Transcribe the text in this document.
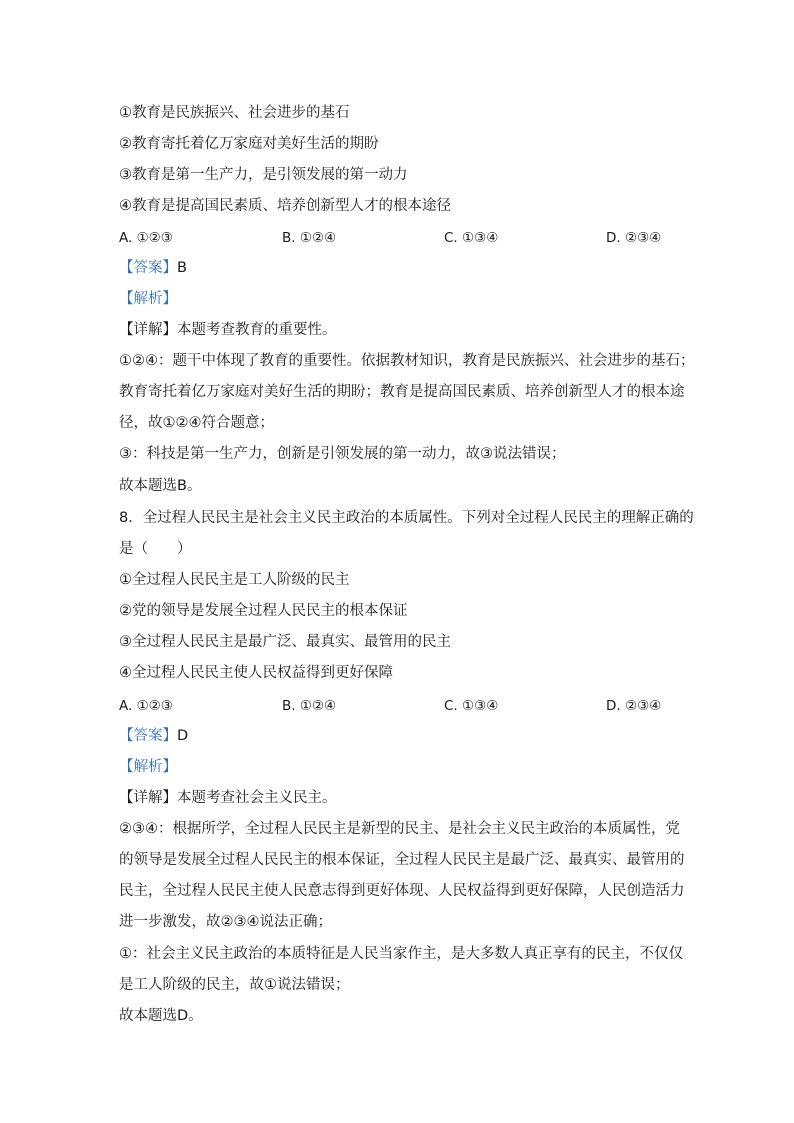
①教育是民族振兴、社会进步的基石
②教育寄托着亿万家庭对美好生活的期盼
③教育是第一生产力，是引领发展的第一动力
④教育是提高国民素质、培养创新型人才的根本途径
A. ①②③	B. ①②④	C. ①③④	D. ②③④
【答案】B
【解析】
【详解】本题考查教育的重要性。
①②④：题干中体现了教育的重要性。依据教材知识，教育是民族振兴、社会进步的基石；
教育寄托着亿万家庭对美好生活的期盼；教育是提高国民素质、培养创新型人才的根本途
径，故①②④符合题意；
③：科技是第一生产力，创新是引领发展的第一动力，故③说法错误；
故本题选B。
8．全过程人民民主是社会主义民主政治的本质属性。下列对全过程人民民主的理解正确的
是（　　）
①全过程人民民主是工人阶级的民主
②党的领导是发展全过程人民民主的根本保证
③全过程人民民主是最广泛、最真实、最管用的民主
④全过程人民民主使人民权益得到更好保障
A. ①②③	B. ①②④	C. ①③④	D. ②③④
【答案】D
【解析】
【详解】本题考查社会主义民主。
②③④：根据所学，全过程人民民主是新型的民主、是社会主义民主政治的本质属性，党
的领导是发展全过程人民民主的根本保证，全过程人民民主是最广泛、最真实、最管用的
民主，全过程人民民主使人民意志得到更好体现、人民权益得到更好保障，人民创造活力
进一步激发，故②③④说法正确；
①：社会主义民主政治的本质特征是人民当家作主，是大多数人真正享有的民主，不仅仅
是工人阶级的民主，故①说法错误；
故本题选D。
